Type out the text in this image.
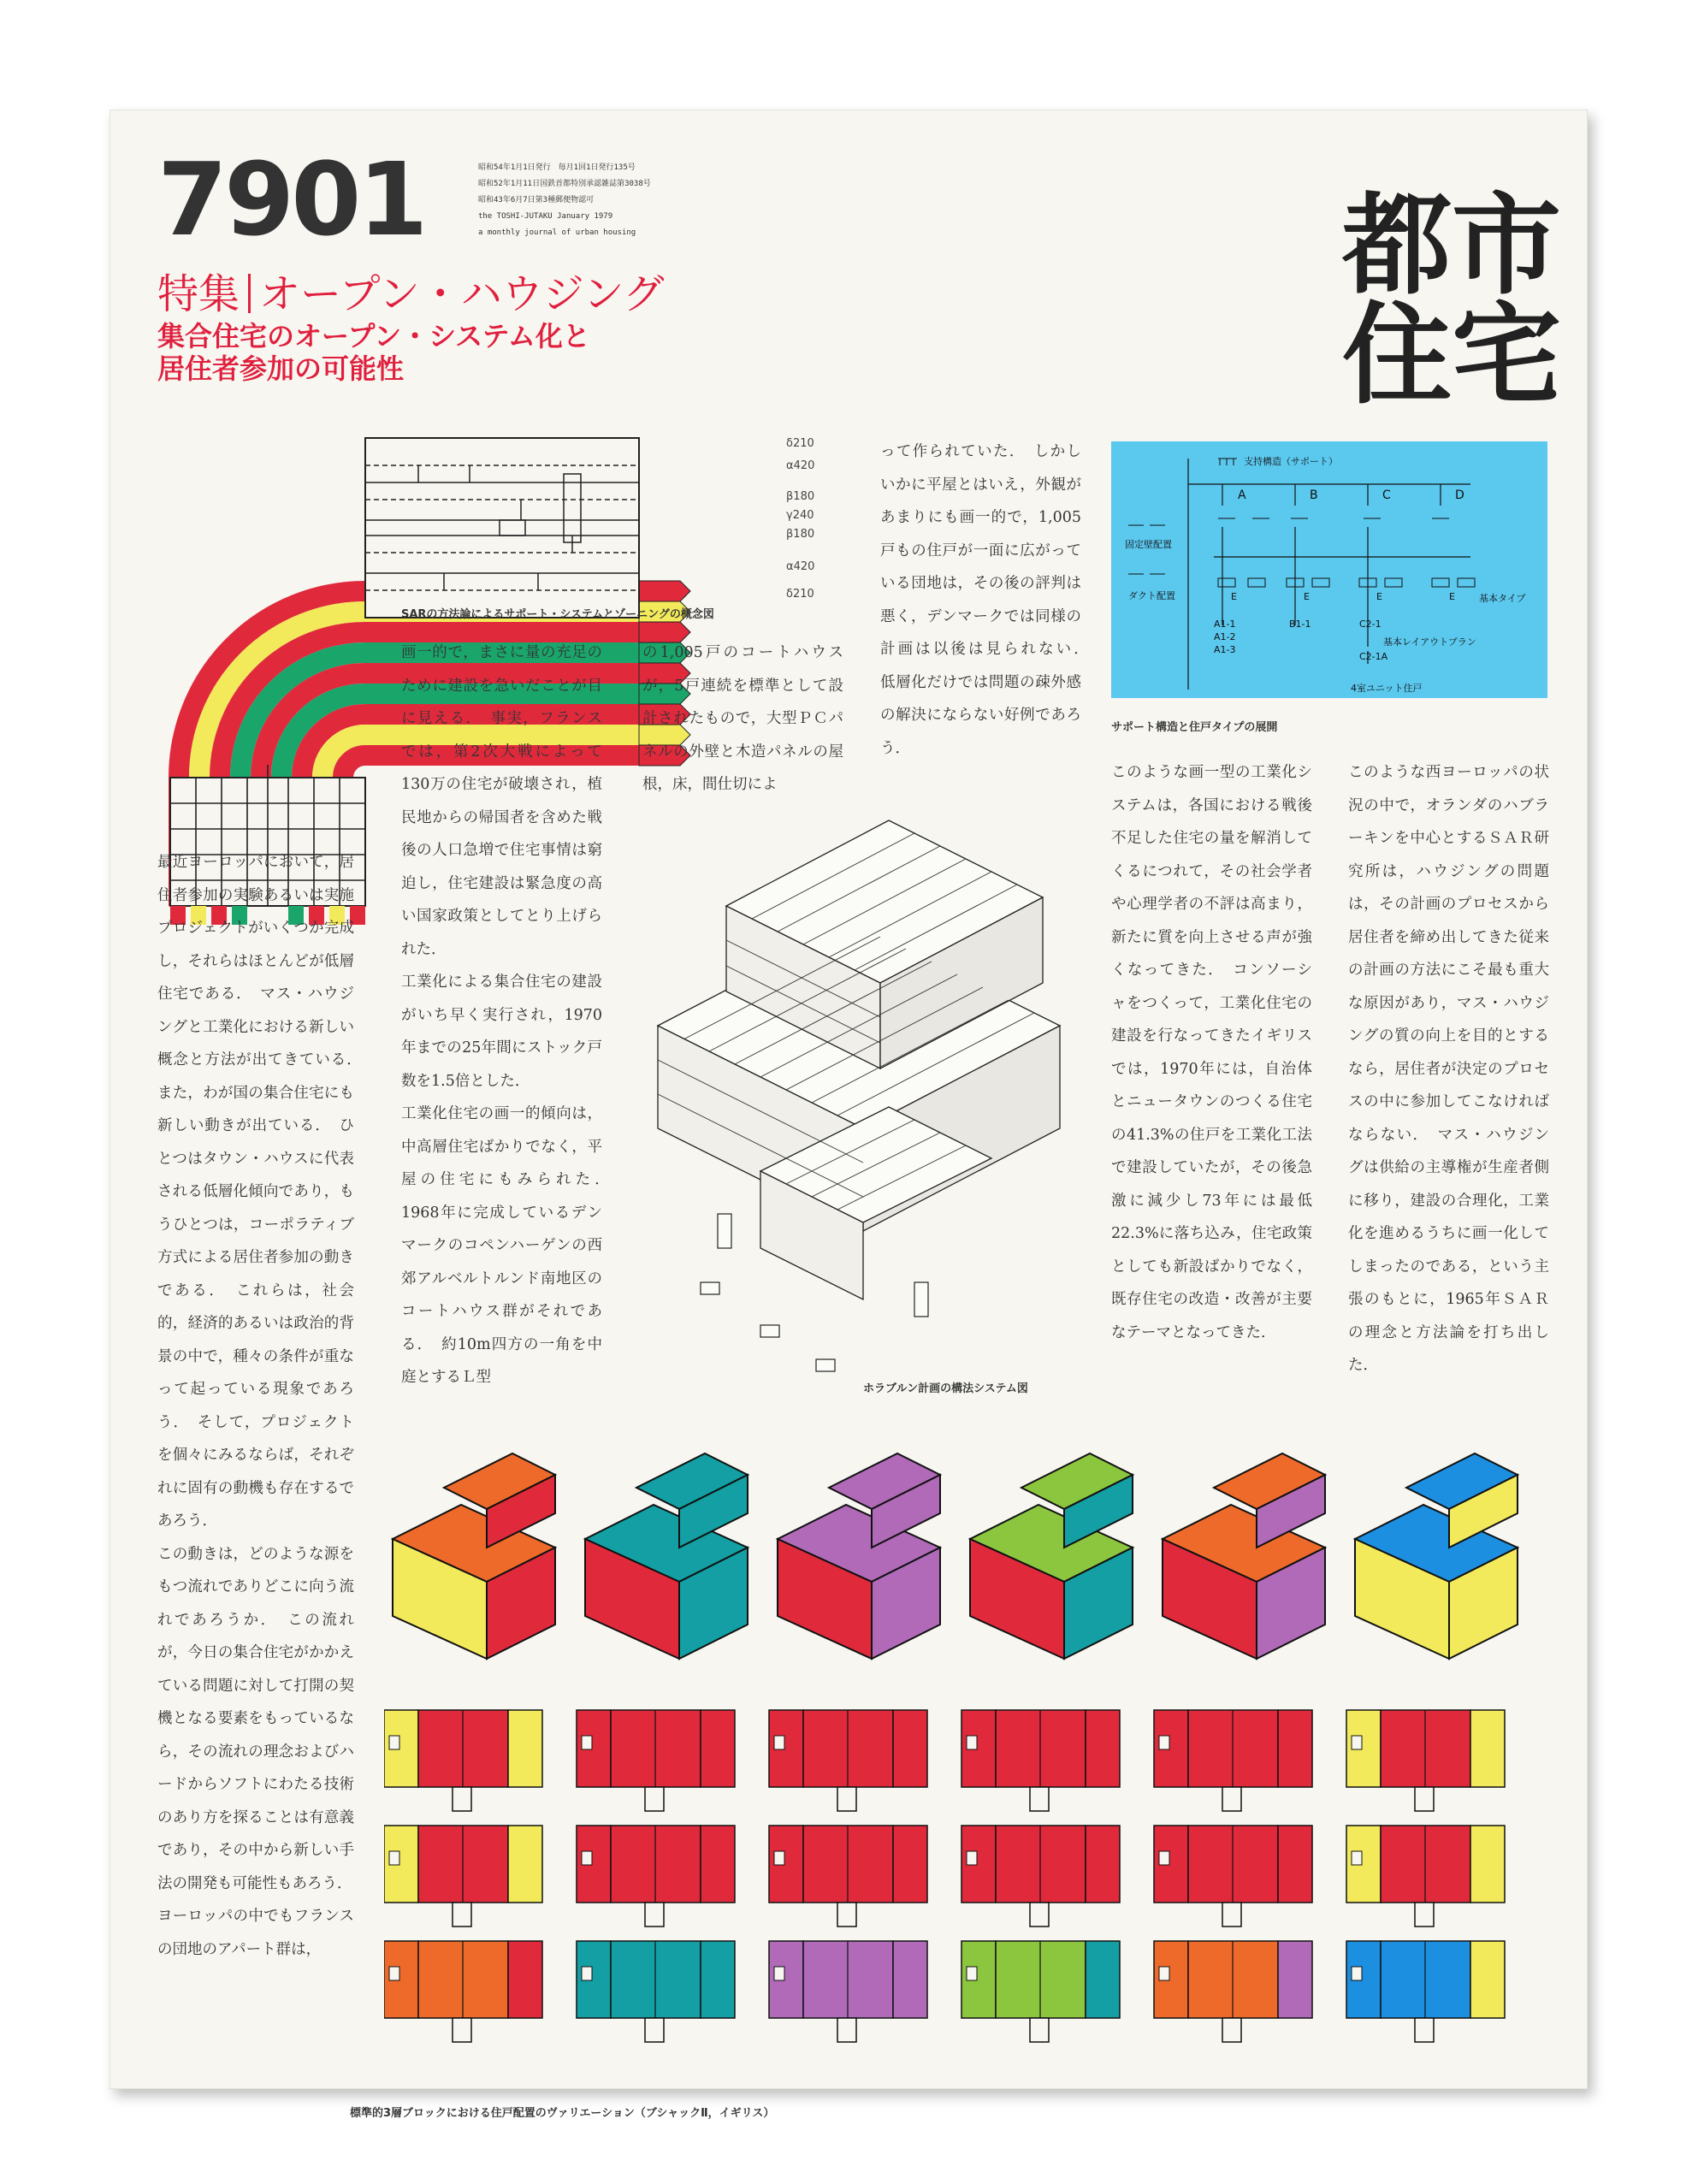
7901	昭和54年1月1日発行　毎月1回1日発行135号
昭和52年1月11日国鉄首都特別承認雑誌第3038号
昭和43年6月7日第3種郵便物認可
the TOSHI-JUTAKU January 1979
a monthly journal of urban housing	都市
住宅
特集 オープン・ハウジング
集合住宅のオープン・システム化と
居住者参加の可能性
δ210
α420
β180
γ240
β180
α420
δ210
SARの方法論によるサポート・システムとゾーニングの概念図
支持構造（サポート）
A	B	C	D
固定壁配置
ダクト配置	E	E	E	E	基本タイプ
A1-1
A1-2
A1-3
B1-1	C2-1
C2-1A
基本レイアウトプラン
4室ユニット住戸
サポート構造と住戸タイプの展開
ホラブルン計画の構法システム図

最近ヨーロッパにおいて，居住者参加の実験あるいは実施プロジェクトがいくつか完成し，それらはほとんどが低層住宅である．　マス・ハウジングと工業化における新しい概念と方法が出てきている．　また，わが国の集合住宅にも新しい動きが出ている．　ひとつはタウン・ハウスに代表される低層化傾向であり，もうひとつは，コーポラティブ方式による居住者参加の動きである．　これらは，社会的，経済的あるいは政治的背景の中で，種々の条件が重なって起っている現象であろう．　そして，プロジェクトを個々にみるならば，それぞれに固有の動機も存在するであろう．

この動きは，どのような源をもつ流れでありどこに向う流れであろうか．　この流れが，今日の集合住宅がかかえている問題に対して打開の契機となる要素をもっているなら，その流れの理念およびハードからソフトにわたる技術のあり方を探ることは有意義であり，その中から新しい手法の開発も可能性もあろう．

ヨーロッパの中でもフランスの団地のアパート群は，

画一的で，まさに量の充足のために建設を急いだことが目に見える．　事実，フランスでは，第2次大戦によって130万の住宅が破壊され，植民地からの帰国者を含めた戦後の人口急増で住宅事情は窮迫し，住宅建設は緊急度の高い国家政策としてとり上げられた．

工業化による集合住宅の建設がいち早く実行され，1970年までの25年間にストック戸数を1.5倍とした．

工業化住宅の画一的傾向は，中高層住宅ばかりでなく，平屋の住宅にもみられた．　1968年に完成しているデンマークのコペンハーゲンの西郊アルベルトルンド南地区のコートハウス群がそれである．　約10m四方の一角を中庭とするＬ型

の1,005戸のコートハウスが，5戸連続を標準として設計されたもので，大型ＰＣパネルの外壁と木造パネルの屋根，床，間仕切によ

って作られていた．　しかしいかに平屋とはいえ，外観があまりにも画一的で，1,005戸もの住戸が一面に広がっている団地は，その後の評判は悪く，デンマークでは同様の計画は以後は見られない．　低層化だけでは問題の疎外感の解決にならない好例であろう．

このような画一型の工業化システムは，各国における戦後不足した住宅の量を解消してくるにつれて，その社会学者や心理学者の不評は高まり，新たに質を向上させる声が強くなってきた．　コンソーシャをつくって，工業化住宅の建設を行なってきたイギリスでは，1970年には，自治体とニュータウンのつくる住宅の41.3%の住戸を工業化工法で建設していたが，その後急激に減少し73年には最低22.3%に落ち込み，住宅政策としても新設ばかりでなく，既存住宅の改造・改善が主要なテーマとなってきた．

このような西ヨーロッパの状況の中で，オランダのハブラーキンを中心とするＳＡＲ研究所は，ハウジングの問題は，その計画のプロセスから居住者を締め出してきた従来の計画の方法にこそ最も重大な原因があり，マス・ハウジングの質の向上を目的とするなら，居住者が決定のプロセスの中に参加してこなければならない．　マス・ハウジングは供給の主導権が生産者側に移り，建設の合理化，工業化を進めるうちに画一化してしまったのである，という主張のもとに，1965年ＳＡＲの理念と方法論を打ち出した．

標準的3層ブロックにおける住戸配置のヴァリエーション（ブシャックⅡ，イギリス）
